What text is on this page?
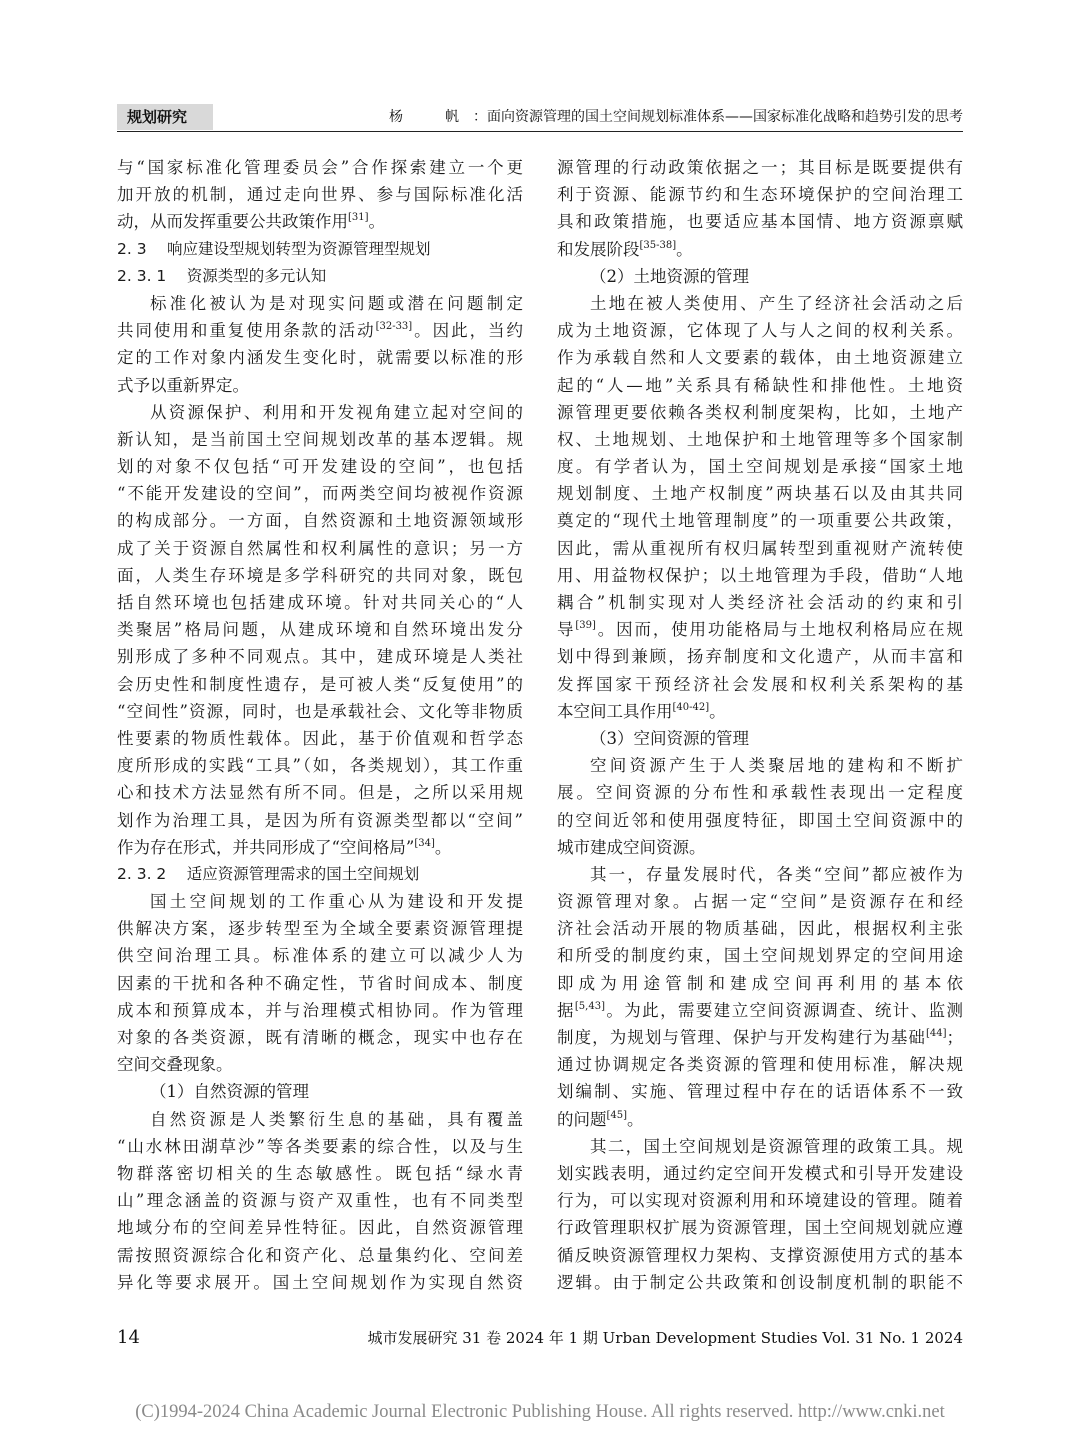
规划研究	杨　帆：面向资源管理的国土空间规划标准体系——国家标准化战略和趋势引发的思考
与“国家标准化管理委员会”合作探索建立一个更
加开放的机制，通过走向世界、参与国际标准化活
动，从而发挥重要公共政策作用[31]。
2. 3　 响应建设型规划转型为资源管理型规划
2. 3. 1　 资源类型的多元认知
标准化被认为是对现实问题或潜在问题制定
共同使用和重复使用条款的活动[32-33]。因此，当约
定的工作对象内涵发生变化时，就需要以标准的形
式予以重新界定。
从资源保护、利用和开发视角建立起对空间的
新认知，是当前国土空间规划改革的基本逻辑。规
划的对象不仅包括“可开发建设的空间”，也包括
“不能开发建设的空间”，而两类空间均被视作资源
的构成部分。一方面，自然资源和土地资源领域形
成了关于资源自然属性和权利属性的意识；另一方
面，人类生存环境是多学科研究的共同对象，既包
括自然环境也包括建成环境。针对共同关心的“人
类聚居”格局问题，从建成环境和自然环境出发分
别形成了多种不同观点。其中，建成环境是人类社
会历史性和制度性遗存，是可被人类“反复使用”的
“空间性”资源，同时，也是承载社会、文化等非物质
性要素的物质性载体。因此，基于价值观和哲学态
度所形成的实践“工具”（如，各类规划），其工作重
心和技术方法显然有所不同。但是，之所以采用规
划作为治理工具，是因为所有资源类型都以“空间”
作为存在形式，并共同形成了“空间格局”[34]。
2. 3. 2　 适应资源管理需求的国土空间规划
国土空间规划的工作重心从为建设和开发提
供解决方案，逐步转型至为全域全要素资源管理提
供空间治理工具。标准体系的建立可以减少人为
因素的干扰和各种不确定性，节省时间成本、制度
成本和预算成本，并与治理模式相协同。作为管理
对象的各类资源，既有清晰的概念，现实中也存在
空间交叠现象。
（1）自然资源的管理
自然资源是人类繁衍生息的基础，具有覆盖
“山水林田湖草沙”等各类要素的综合性，以及与生
物群落密切相关的生态敏感性。既包括“绿水青
山”理念涵盖的资源与资产双重性，也有不同类型
地域分布的空间差异性特征。因此，自然资源管理
需按照资源综合化和资产化、总量集约化、空间差
异化等要求展开。国土空间规划作为实现自然资
源管理的行动政策依据之一；其目标是既要提供有
利于资源、能源节约和生态环境保护的空间治理工
具和政策措施，也要适应基本国情、地方资源禀赋
和发展阶段[35-38]。
（2）土地资源的管理
土地在被人类使用、产生了经济社会活动之后
成为土地资源，它体现了人与人之间的权利关系。
作为承载自然和人文要素的载体，由土地资源建立
起的“人—地”关系具有稀缺性和排他性。土地资
源管理更要依赖各类权利制度架构，比如，土地产
权、土地规划、土地保护和土地管理等多个国家制
度。有学者认为，国土空间规划是承接“国家土地
规划制度、土地产权制度”两块基石以及由其共同
奠定的“现代土地管理制度”的一项重要公共政策，
因此，需从重视所有权归属转型到重视财产流转使
用、用益物权保护；以土地管理为手段，借助“人地
耦合”机制实现对人类经济社会活动的约束和引
导[39]。因而，使用功能格局与土地权利格局应在规
划中得到兼顾，扬弃制度和文化遗产，从而丰富和
发挥国家干预经济社会发展和权利关系架构的基
本空间工具作用[40-42]。
（3）空间资源的管理
空间资源产生于人类聚居地的建构和不断扩
展。空间资源的分布性和承载性表现出一定程度
的空间近邻和使用强度特征，即国土空间资源中的
城市建成空间资源。
其一，存量发展时代，各类“空间”都应被作为
资源管理对象。占据一定“空间”是资源存在和经
济社会活动开展的物质基础，因此，根据权利主张
和所受的制度约束，国土空间规划界定的空间用途
即成为用途管制和建成空间再利用的基本依
据[5,43]。为此，需要建立空间资源调查、统计、监测
制度，为规划与管理、保护与开发构建行为基础[44]；
通过协调规定各类资源的管理和使用标准，解决规
划编制、实施、管理过程中存在的话语体系不一致
的问题[45]。
其二，国土空间规划是资源管理的政策工具。规
划实践表明，通过约定空间开发模式和引导开发建设
行为，可以实现对资源利用和环境建设的管理。随着
行政管理职权扩展为资源管理，国土空间规划就应遵
循反映资源管理权力架构、支撑资源使用方式的基本
逻辑。由于制定公共政策和创设制度机制的职能不
14	城市发展研究 31 卷 2024 年 1 期 Urban Development Studies Vol. 31 No. 1 2024
(C)1994-2024 China Academic Journal Electronic Publishing House. All rights reserved. http://www.cnki.net
